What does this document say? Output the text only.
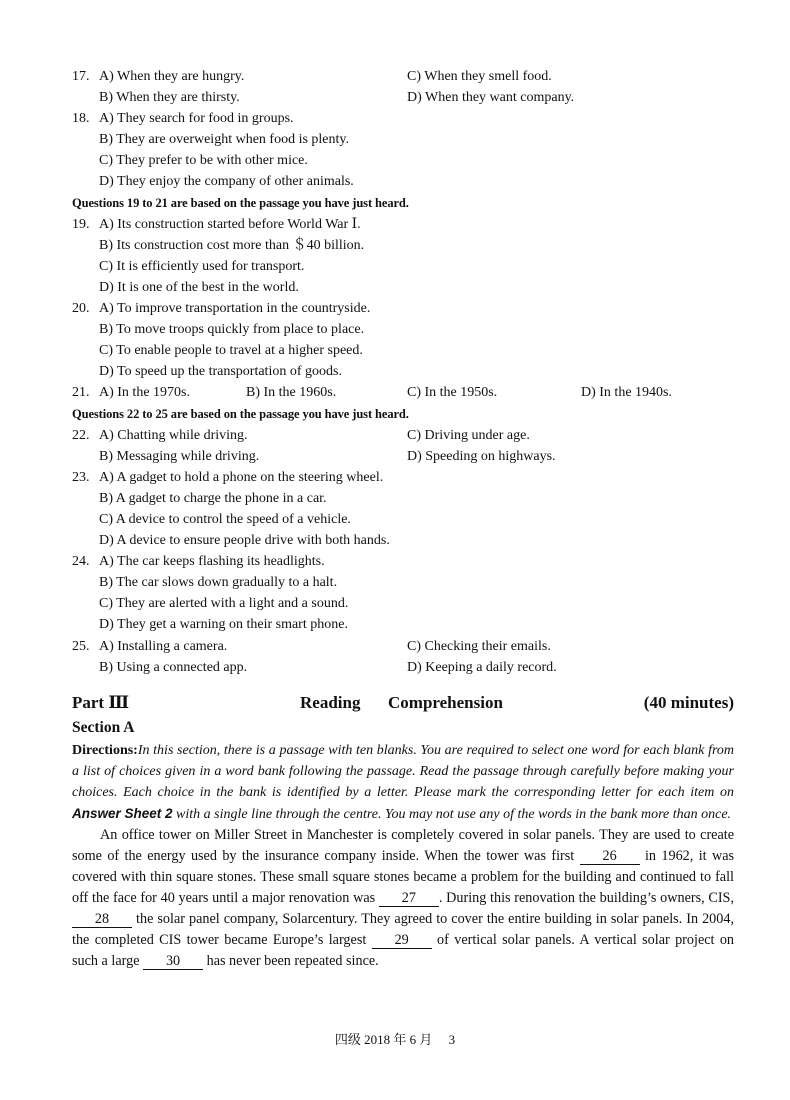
17. A) When they are hungry.	C) When they smell food.
B) When they are thirsty.	D) When they want company.
18. A) They search for food in groups.
B) They are overweight when food is plenty.
C) They prefer to be with other mice.
D) They enjoy the company of other animals.
Questions 19 to 21 are based on the passage you have just heard.
19. A) Its construction started before World War Ⅰ.
B) Its construction cost more than ＄40 billion.
C) It is efficiently used for transport.
D) It is one of the best in the world.
20. A) To improve transportation in the countryside.
B) To move troops quickly from place to place.
C) To enable people to travel at a higher speed.
D) To speed up the transportation of goods.
21. A) In the 1970s.	B) In the 1960s.	C) In the 1950s.	D) In the 1940s.
Questions 22 to 25 are based on the passage you have just heard.
22. A) Chatting while driving.	C) Driving under age.
B) Messaging while driving.	D) Speeding on highways.
23. A) A gadget to hold a phone on the steering wheel.
B) A gadget to charge the phone in a car.
C) A device to control the speed of a vehicle.
D) A device to ensure people drive with both hands.
24. A) The car keeps flashing its headlights.
B) The car slows down gradually to a halt.
C) They are alerted with a light and a sound.
D) They get a warning on their smart phone.
25. A) Installing a camera.	C) Checking their emails.
B) Using a connected app.	D) Keeping a daily record.
Part Ⅲ	Reading Comprehension	(40 minutes)
Section A
Directions:In this section, there is a passage with ten blanks. You are required to select one word for each blank from a list of choices given in a word bank following the passage. Read the passage through carefully before making your choices. Each choice in the bank is identified by a letter. Please mark the corresponding letter for each item on Answer Sheet 2 with a single line through the centre. You may not use any of the words in the bank more than once.
An office tower on Miller Street in Manchester is completely covered in solar panels. They are used to create some of the energy used by the insurance company inside. When the tower was first 26 in 1962, it was covered with thin square stones. These small square stones became a problem for the building and continued to fall off the face for 40 years until a major renovation was 27 . During this renovation the building’s owners, CIS, 28 the solar panel company, Solarcentury. They agreed to cover the entire building in solar panels. In 2004, the completed CIS tower became Europe’s largest 29 of vertical solar panels. A vertical solar project on such a large 30 has never been repeated since.
四级 2018 年 6 月　 3
